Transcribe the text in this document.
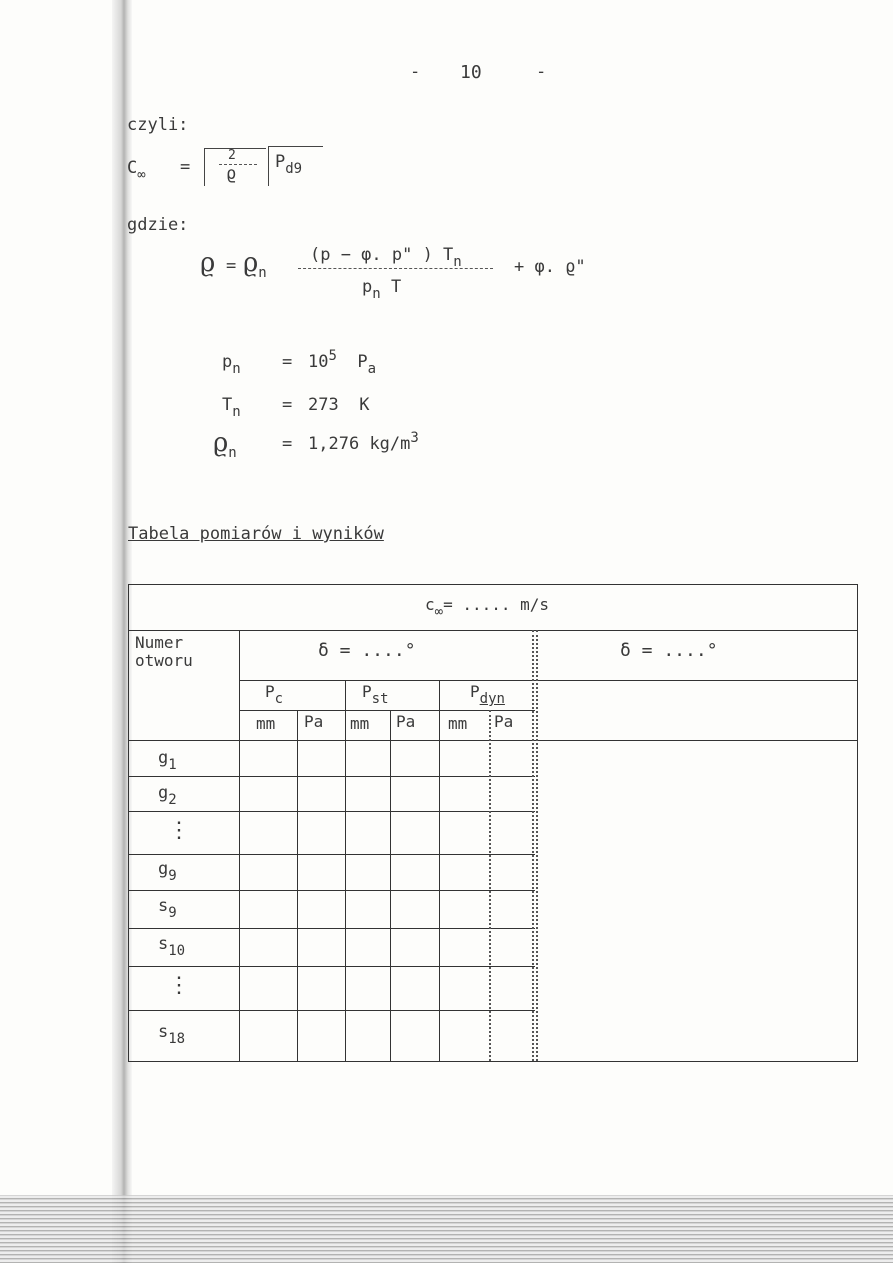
- 10	-
czyli:
$C_\infty$ =
2
ϱ
$P_{d9}$
gdzie:
ϱ = ϱn
(p − φ. p" ) $T_n$
$p_n$ T
+ φ. ϱ"
$p_n = 10^5$ $P_a$
$T_n = 273$ K
ϱn	= 1,276 $kg/m^3$
Tabela pomiarów i wyników
c∞= ..... m/s
Numer
otworu	δ = ....°	δ = ....°
Pc	Pst	Pdyn
mm Pa mm Pa mm Pa
$g_1$
$g_2$
⋮
$g_9$
$s_9$
$s_{10}$
⋮
$s_{18}$
